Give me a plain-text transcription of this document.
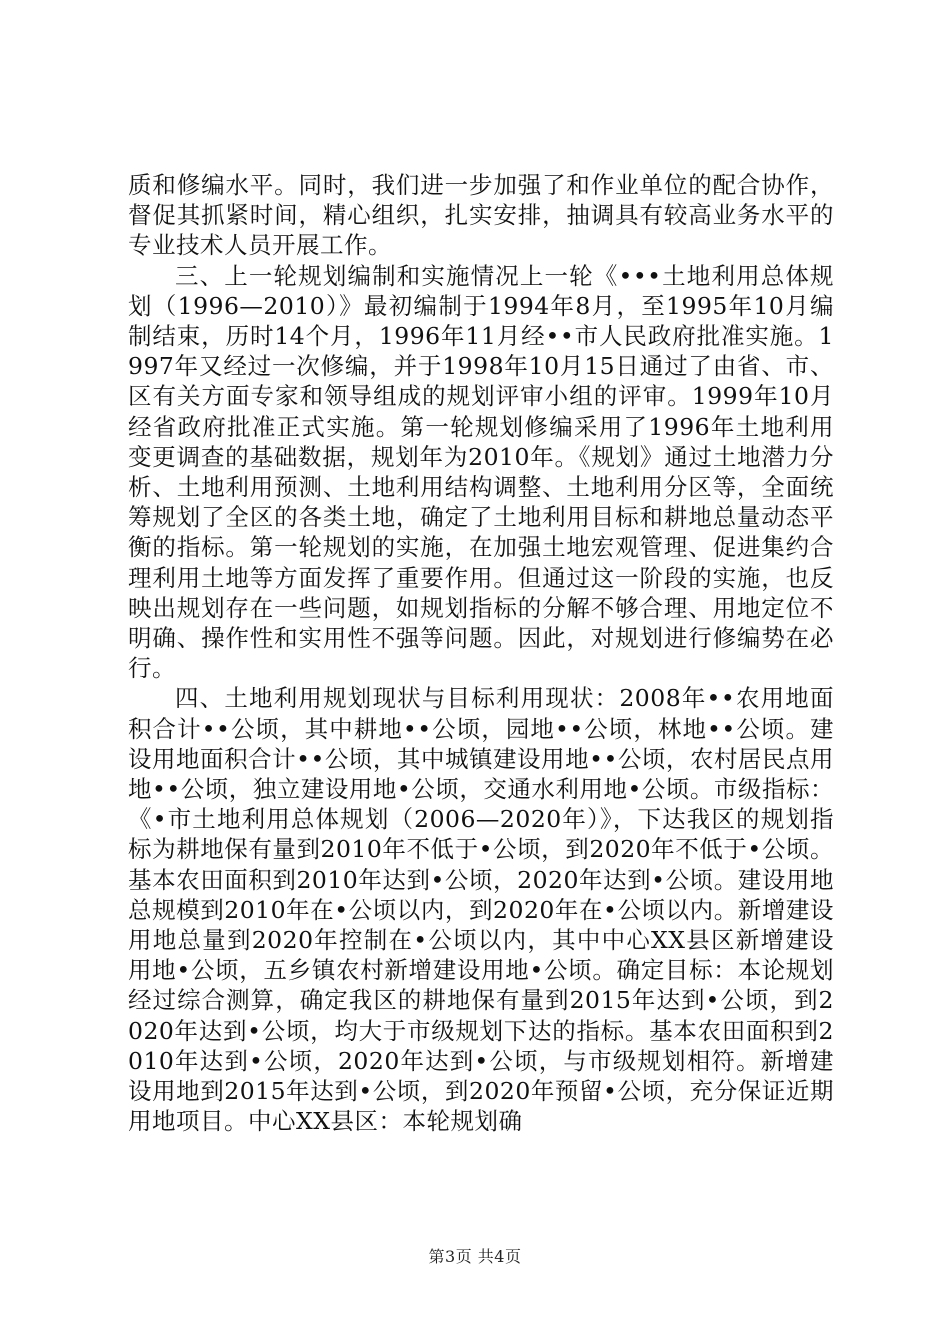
质和修编水平。同时，我们进一步加强了和作业单位的配合协作，督促其抓紧时间，精心组织，扎实安排，抽调具有较高业务水平的专业技术人员开展工作。

三、上一轮规划编制和实施情况上一轮《•••土地利用总体规划（1996—2010）》最初编制于1994年8月，至1995年10月编制结束，历时14个月，1996年11月经••市人民政府批准实施。1997年又经过一次修编，并于1998年10月15日通过了由省、市、区有关方面专家和领导组成的规划评审小组的评审。1999年10月经省政府批准正式实施。第一轮规划修编采用了1996年土地利用变更调查的基础数据，规划年为2010年。《规划》通过土地潜力分析、土地利用预测、土地利用结构调整、土地利用分区等，全面统筹规划了全区的各类土地，确定了土地利用目标和耕地总量动态平衡的指标。第一轮规划的实施，在加强土地宏观管理、促进集约合理利用土地等方面发挥了重要作用。但通过这一阶段的实施，也反映出规划存在一些问题，如规划指标的分解不够合理、用地定位不明确、操作性和实用性不强等问题。因此，对规划进行修编势在必行。

四、土地利用规划现状与目标利用现状：2008年••农用地面积合计••公顷，其中耕地••公顷，园地••公顷，林地••公顷。建设用地面积合计••公顷，其中城镇建设用地••公顷，农村居民点用地••公顷，独立建设用地•公顷，交通水利用地•公顷。市级指标：《•市土地利用总体规划（2006—2020年）》，下达我区的规划指标为耕地保有量到2010年不低于•公顷，到2020年不低于•公顷。基本农田面积到2010年达到•公顷，2020年达到•公顷。建设用地总规模到2010年在•公顷以内，到2020年在•公顷以内。新增建设用地总量到2020年控制在•公顷以内，其中中心XX县区新增建设用地•公顷，五乡镇农村新增建设用地•公顷。确定目标：本论规划经过综合测算，确定我区的耕地保有量到2015年达到•公顷，到2020年达到•公顷，均大于市级规划下达的指标。基本农田面积到2010年达到•公顷，2020年达到•公顷，与市级规划相符。新增建设用地到2015年达到•公顷，到2020年预留•公顷，充分保证近期用地项目。中心XX县区：本轮规划确

第3页 共4页
